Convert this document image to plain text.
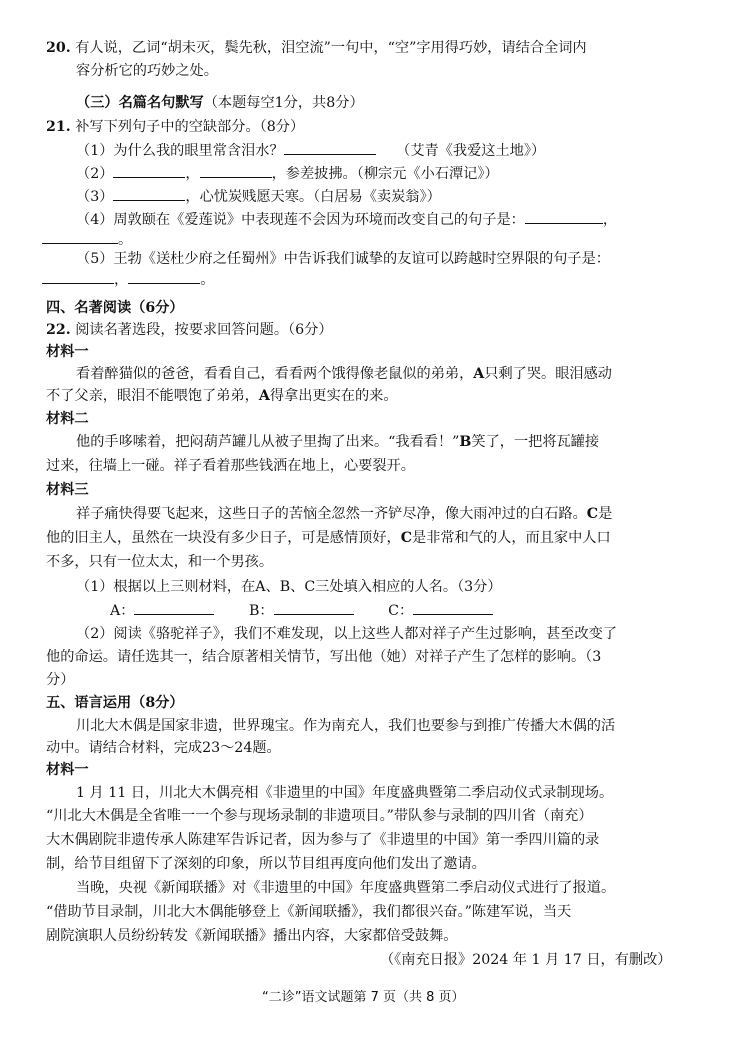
20. 有人说，乙词“胡未灭，鬓先秋，泪空流”一句中，“空”字用得巧妙，请结合全词内
容分析它的巧妙之处。
（三）名篇名句默写（本题每空1分，共8分）
21. 补写下列句子中的空缺部分。（8分）
（1）为什么我的眼里常含泪水？	（艾青《我爱这土地》）
（2）	，	，参差披拂。（柳宗元《小石潭记》）
（3）	，心忧炭贱愿天寒。（白居易《卖炭翁》）
（4）周敦颐在《爱莲说》中表现莲不会因为环境而改变自己的句子是：	，
。
（5）王勃《送杜少府之任蜀州》中告诉我们诚挚的友谊可以跨越时空界限的句子是：
，	。
四、名著阅读（6分）
22. 阅读名著选段，按要求回答问题。（6分）
材料一
看着醉猫似的爸爸，看看自己，看看两个饿得像老鼠似的弟弟，A只剩了哭。眼泪感动
不了父亲，眼泪不能喂饱了弟弟，A得拿出更实在的来。
材料二
他的手哆嗦着，把闷葫芦罐儿从被子里掏了出来。“我看看！”B笑了，一把将瓦罐接
过来，往墙上一碰。祥子看着那些钱洒在地上，心要裂开。
材料三
祥子痛快得要飞起来，这些日子的苦恼全忽然一齐铲尽净，像大雨冲过的白石路。C是
他的旧主人，虽然在一块没有多少日子，可是感情顶好，C是非常和气的人，而且家中人口
不多，只有一位太太，和一个男孩。
（1）根据以上三则材料，在A、B、C三处填入相应的人名。（3分）
A：	B：	C：
（2）阅读《骆驼祥子》，我们不难发现，以上这些人都对祥子产生过影响，甚至改变了
他的命运。请任选其一，结合原著相关情节，写出他（她）对祥子产生了怎样的影响。（3
分）
五、语言运用（8分）
川北大木偶是国家非遗，世界瑰宝。作为南充人，我们也要参与到推广传播大木偶的活
动中。请结合材料，完成23～24题。
材料一
1 月 11 日，川北大木偶亮相《非遗里的中国》年度盛典暨第二季启动仪式录制现场。
“川北大木偶是全省唯一一个参与现场录制的非遗项目。”带队参与录制的四川省（南充）
大木偶剧院非遗传承人陈建军告诉记者，因为参与了《非遗里的中国》第一季四川篇的录
制，给节目组留下了深刻的印象，所以节目组再度向他们发出了邀请。
当晚，央视《新闻联播》对《非遗里的中国》年度盛典暨第二季启动仪式进行了报道。
“借助节目录制，川北大木偶能够登上《新闻联播》，我们都很兴奋。”陈建军说，当天
剧院演职人员纷纷转发《新闻联播》播出内容，大家都倍受鼓舞。
（《南充日报》2024 年 1 月 17 日，有删改）
“二诊”语文试题第 7 页（共 8 页）
